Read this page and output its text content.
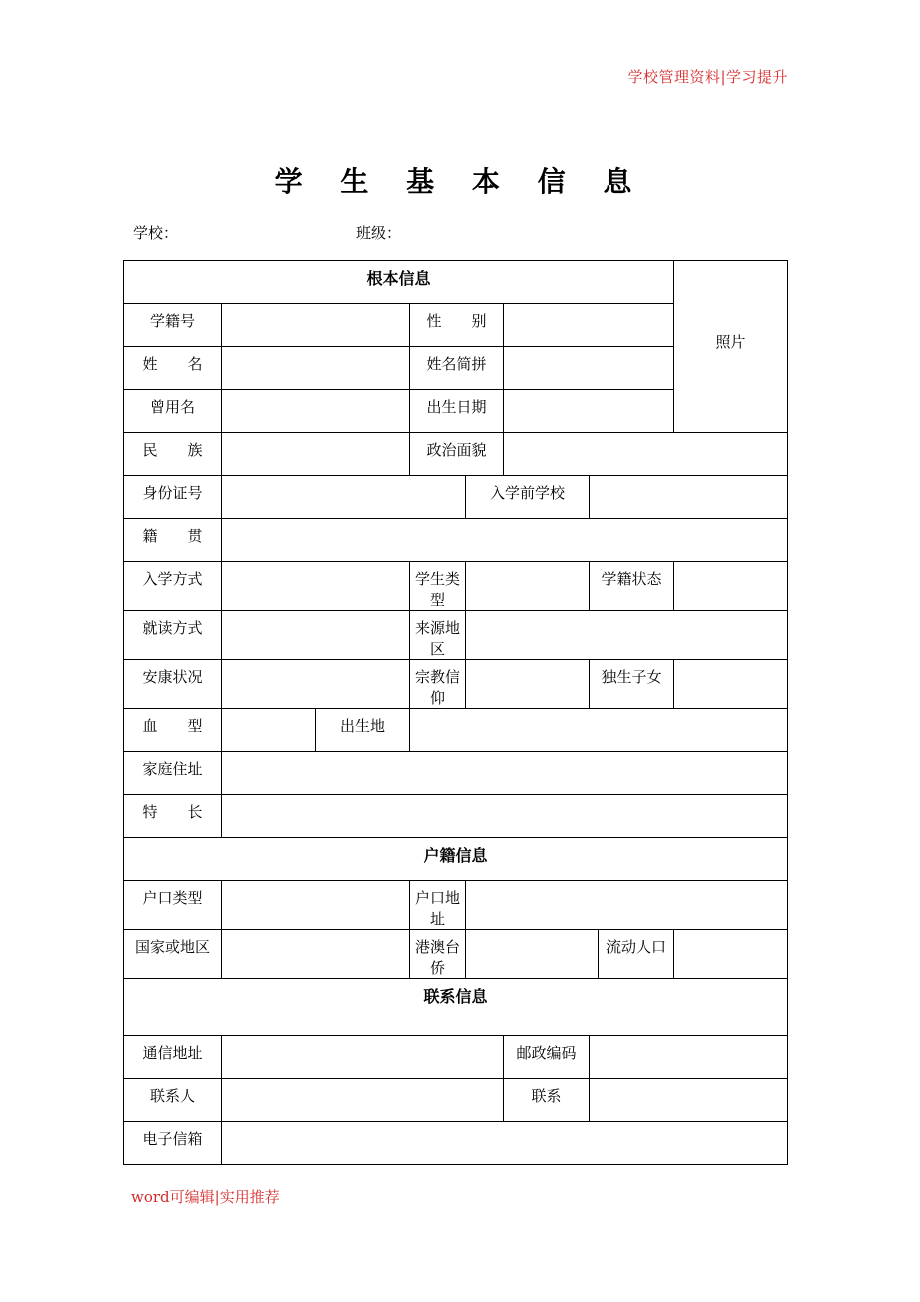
学校管理资料|学习提升
学 生 基 本 信 息
学校：	班级：
根本信息								照片
学籍号			性　　别					
姓　　名			姓名简拼					
曾用名			出生日期					
民　　族			政治面貌					
身份证号				入学前学校				
籍　　贯								
入学方式			学生类型			学籍状态		
就读方式			来源地区					
安康状况			宗教信仰			独生子女		
血　　型		出生地						
家庭住址								
特　　长								
户籍信息								
户口类型			户口地址					
国家或地区			港澳台侨				流动人口	
联系信息								
通信地址					邮政编码			
联系人					联系			
电子信箱								
word可编辑|实用推荐
